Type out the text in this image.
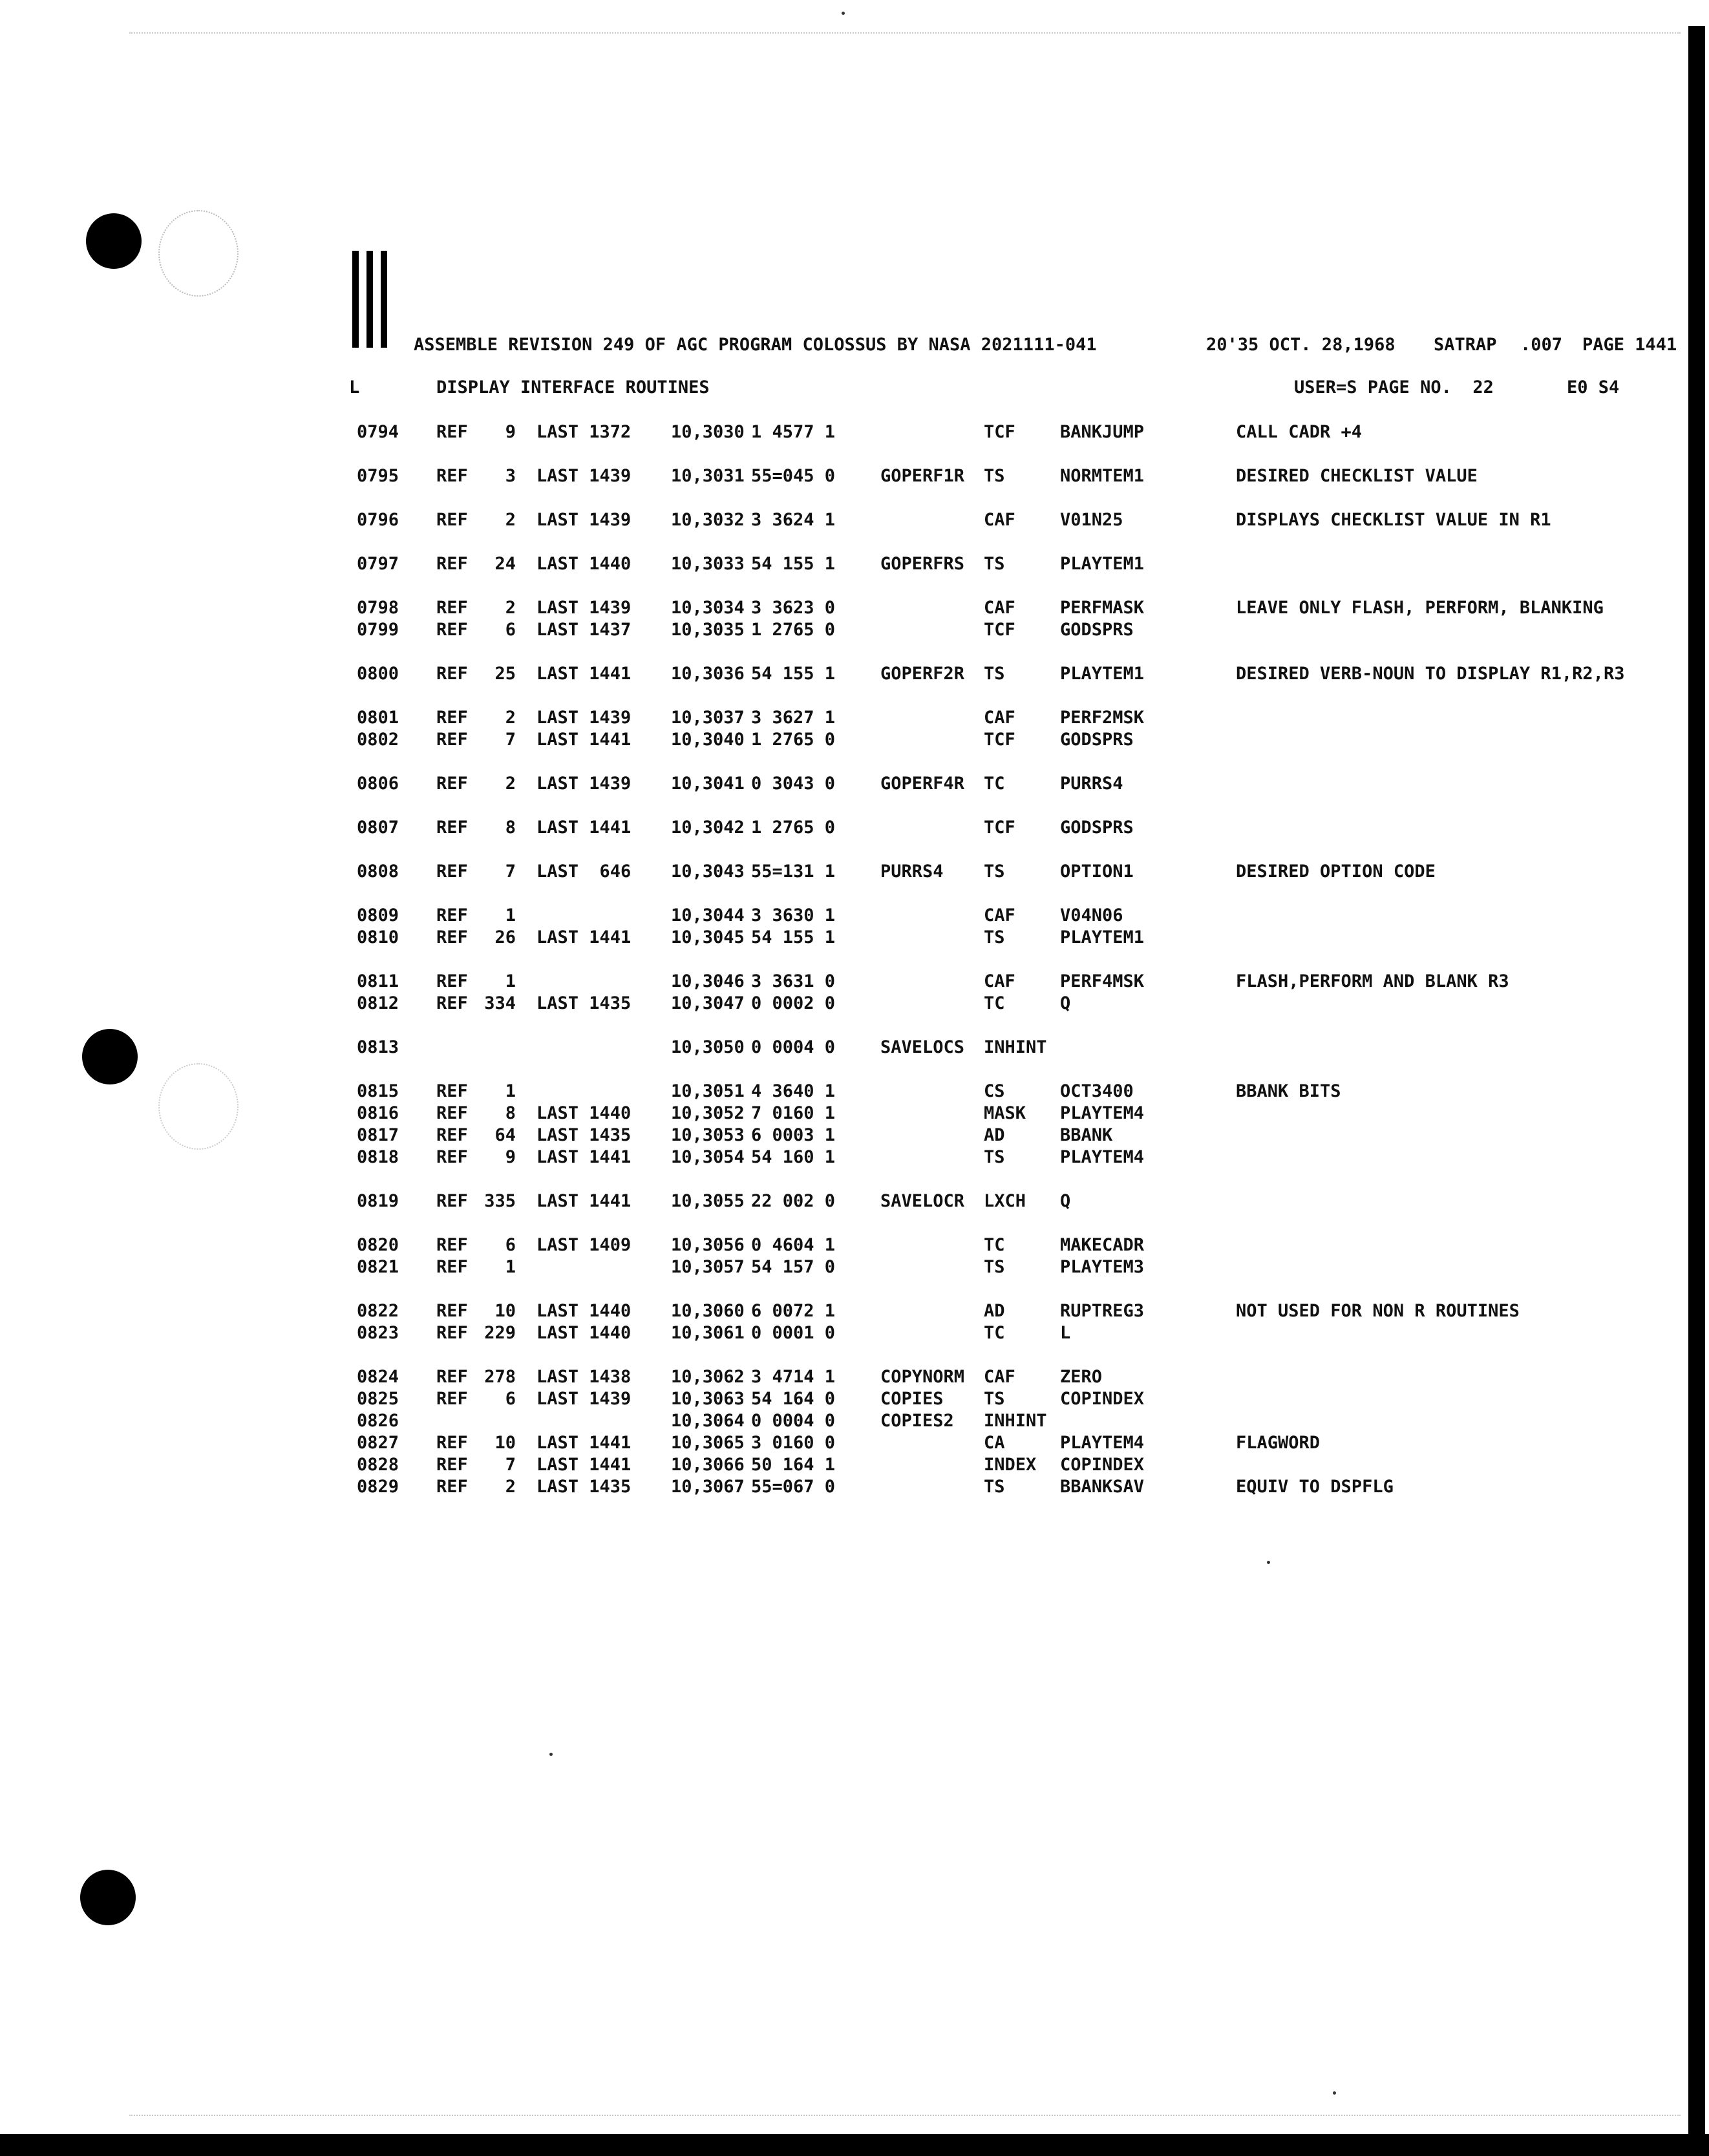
ASSEMBLE REVISION 249 OF AGC PROGRAM COLOSSUS BY NASA 2021111-041	20'35 OCT. 28,1968 SATRAP .007 PAGE 1441
L	DISPLAY INTERFACE ROUTINES	USER=S PAGE NO.  22	E0 S4
0794 REF	9 LAST 1372 10,3030 1 4577 1	TCF	BANKJUMP	CALL CADR +4
0795 REF	3 LAST 1439 10,3031 55=045 0	GOPERF1R TS	NORMTEM1	DESIRED CHECKLIST VALUE
0796 REF	2 LAST 1439 10,3032 3 3624 1	CAF	V01N25	DISPLAYS CHECKLIST VALUE IN R1
0797 REF	24 LAST 1440 10,3033 54 155 1	GOPERFRS TS	PLAYTEM1
0798 REF	2 LAST 1439 10,3034 3 3623 0	CAF	PERFMASK	LEAVE ONLY FLASH, PERFORM, BLANKING
0799 REF	6 LAST 1437 10,3035 1 2765 0	TCF	GODSPRS
0800 REF	25 LAST 1441 10,3036 54 155 1	GOPERF2R TS	PLAYTEM1	DESIRED VERB-NOUN TO DISPLAY R1,R2,R3
0801 REF	2 LAST 1439 10,3037 3 3627 1	CAF	PERF2MSK
0802 REF	7 LAST 1441 10,3040 1 2765 0	TCF	GODSPRS
0806 REF	2 LAST 1439 10,3041 0 3043 0	GOPERF4R TC	PURRS4
0807 REF	8 LAST 1441 10,3042 1 2765 0	TCF	GODSPRS
0808 REF	7 LAST  646 10,3043 55=131 1	PURRS4 TS	OPTION1	DESIRED OPTION CODE
0809 REF	1	10,3044 3 3630 1	CAF	V04N06
0810 REF	26 LAST 1441 10,3045 54 155 1	TS	PLAYTEM1
0811 REF	1	10,3046 3 3631 0	CAF	PERF4MSK	FLASH,PERFORM AND BLANK R3
0812 REF 334 LAST 1435 10,3047 0 0002 0	TC	Q
0813	10,3050 0 0004 0	SAVELOCS INHINT
0815 REF	1	10,3051 4 3640 1	CS	OCT3400	BBANK BITS
0816 REF	8 LAST 1440 10,3052 7 0160 1	MASK PLAYTEM4
0817 REF	64 LAST 1435 10,3053 6 0003 1	AD	BBANK
0818 REF	9 LAST 1441 10,3054 54 160 1	TS	PLAYTEM4
0819 REF 335 LAST 1441 10,3055 22 002 0	SAVELOCR LXCH Q
0820 REF	6 LAST 1409 10,3056 0 4604 1	TC	MAKECADR
0821 REF	1	10,3057 54 157 0	TS	PLAYTEM3
0822 REF	10 LAST 1440 10,3060 6 0072 1	AD	RUPTREG3	NOT USED FOR NON R ROUTINES
0823 REF 229 LAST 1440 10,3061 0 0001 0	TC	L
0824 REF 278 LAST 1438 10,3062 3 4714 1	COPYNORM CAF	ZERO
0825 REF	6 LAST 1439 10,3063 54 164 0	COPIES TS	COPINDEX
0826	10,3064 0 0004 0	COPIES2 INHINT
0827 REF	10 LAST 1441 10,3065 3 0160 0	CA	PLAYTEM4	FLAGWORD
0828 REF	7 LAST 1441 10,3066 50 164 1	INDEX COPINDEX
0829 REF	2 LAST 1435 10,3067 55=067 0	TS	BBANKSAV	EQUIV TO DSPFLG
